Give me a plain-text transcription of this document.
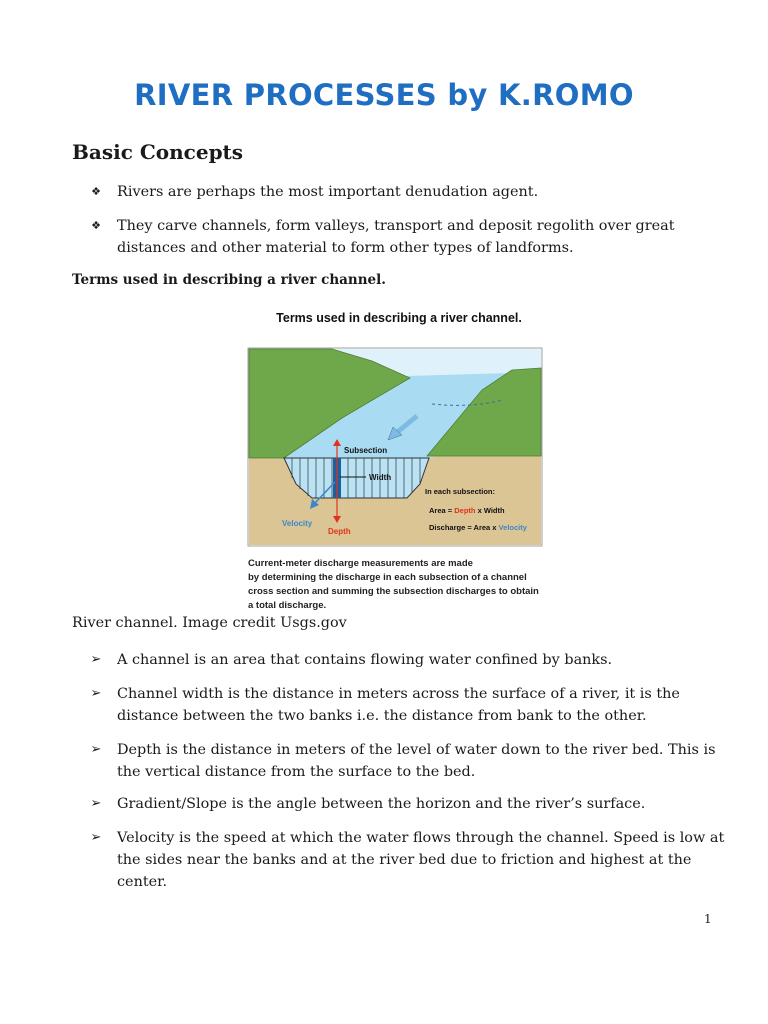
RIVER PROCESSES by K.ROMO
Basic Concepts
❖ Rivers are perhaps the most important denudation agent.
❖ They carve channels, form valleys, transport and deposit regolith over great distances and other material to form other types of landforms.
Terms used in describing a river channel.
Terms used in describing a river channel.
Subsection
Width
Velocity
Depth
In each subsection:
Area = Depth x Width
Discharge = Area x Velocity
Current-meter discharge measurements are made
by determining the discharge in each subsection of a channel
cross section and summing the subsection discharges to obtain
a total discharge.
River channel. Image credit Usgs.gov
➢ A channel is an area that contains flowing water confined by banks.
➢ Channel width is the distance in meters across the surface of a river, it is the distance between the two banks i.e. the distance from bank to the other.
➢ Depth is the distance in meters of the level of water down to the river bed. This is the vertical distance from the surface to the bed.
➢ Gradient/Slope is the angle between the horizon and the river’s surface.
➢ Velocity is the speed at which the water flows through the channel. Speed is low at the sides near the banks and at the river bed due to friction and highest at the center.
1
